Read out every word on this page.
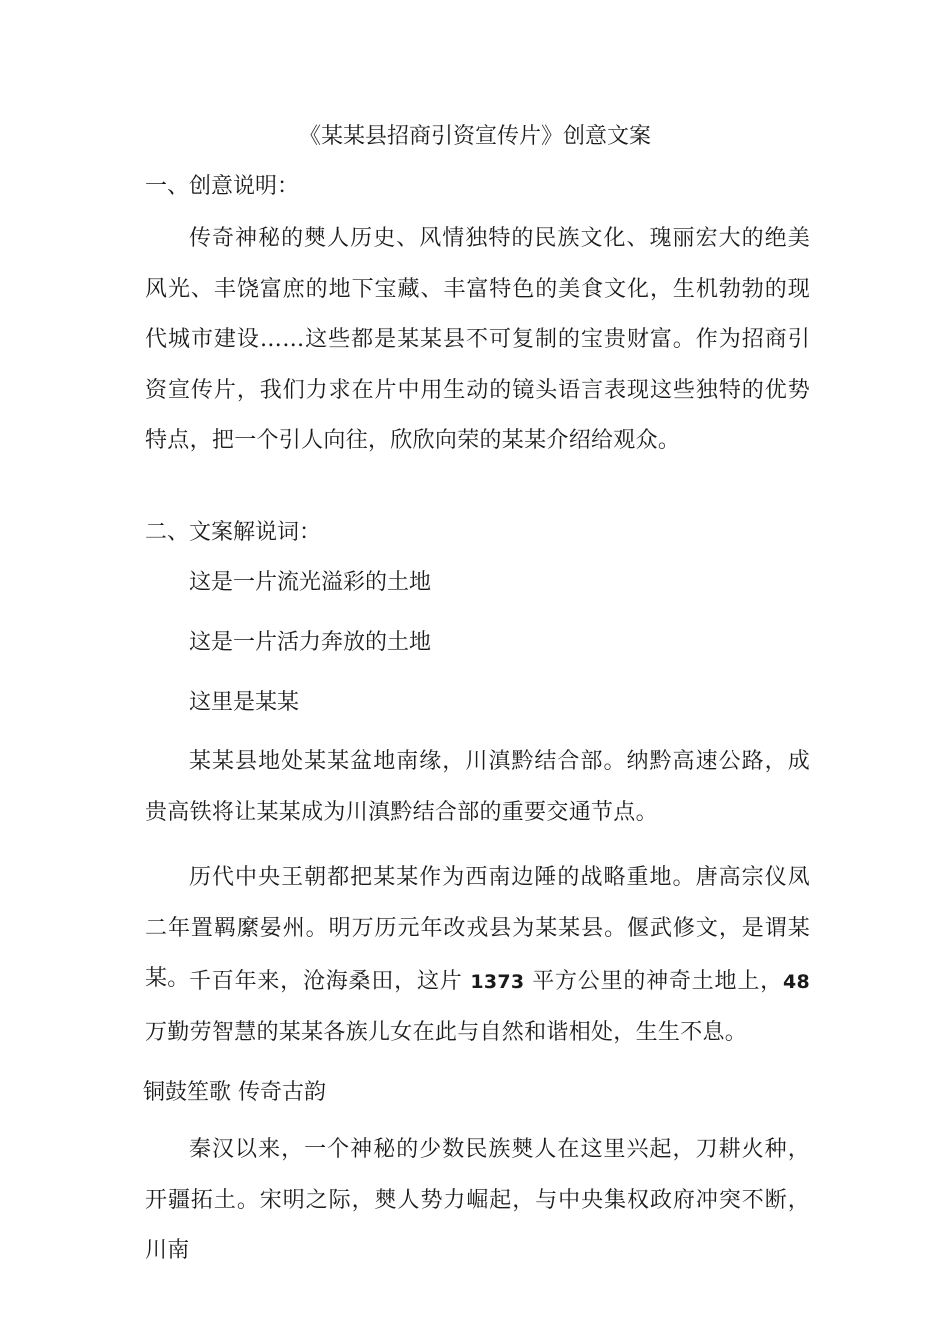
《某某县招商引资宣传片》创意文案
一、创意说明：
传奇神秘的僰人历史、风情独特的民族文化、瑰丽宏大的绝美风光、丰饶富庶的地下宝藏、丰富特色的美食文化，生机勃勃的现代城市建设……这些都是某某县不可复制的宝贵财富。作为招商引资宣传片，我们力求在片中用生动的镜头语言表现这些独特的优势特点，把一个引人向往，欣欣向荣的某某介绍给观众。
二、文案解说词：
这是一片流光溢彩的土地
这是一片活力奔放的土地
这里是某某
某某县地处某某盆地南缘，川滇黔结合部。纳黔高速公路，成贵高铁将让某某成为川滇黔结合部的重要交通节点。
历代中央王朝都把某某作为西南边陲的战略重地。唐高宗仪凤二年置羁縻晏州。明万历元年改戎县为某某县。偃武修文，是谓某某。 千百年来，沧海桑田，这片 1373 平方公里的神奇土地上，48 万勤劳智慧的某某各族儿女在此与自然和谐相处，生生不息。
铜鼓笙歌 传奇古韵
秦汉以来，一个神秘的少数民族僰人在这里兴起，刀耕火种，开疆拓土。宋明之际，僰人势力崛起，与中央集权政府冲突不断，川南
